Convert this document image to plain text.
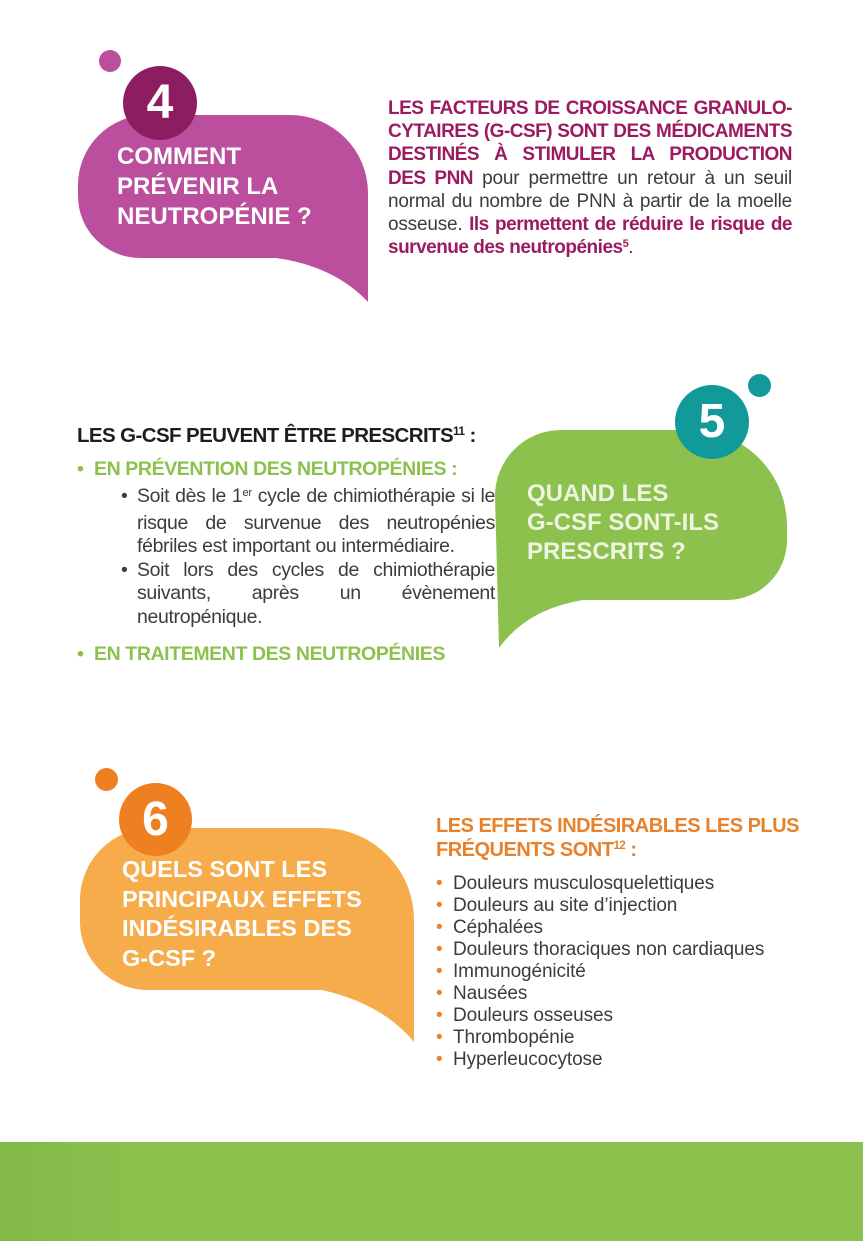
4
COMMENT
PRÉVENIR LA
NEUTROPÉNIE ?

LES FACTEURS DE CROISSANCE GRANULO-CYTAIRES (G-CSF) SONT DES MÉDICAMENTS DESTINÉS À STIMULER LA PRODUCTION DES PNN pour permettre un retour à un seuil normal du nombre de PNN à partir de la moelle osseuse. Ils permettent de réduire le risque de survenue des neutropénies$^5$.

5
QUAND LES
G-CSF SONT-ILS
PRESCRITS ?
LES G-CSF PEUVENT ÊTRE PRESCRITS$^{11}$ :
• EN PRÉVENTION DES NEUTROPÉNIES :
• Soit dès le 1er cycle de chimiothérapie si le risque de survenue des neutropénies fébriles est important ou intermédiaire.
• Soit lors des cycles de chimiothérapie suivants, après un évènement neutropénique.
• EN TRAITEMENT DES NEUTROPÉNIES
6
QUELS SONT LES
PRINCIPAUX EFFETS
INDÉSIRABLES DES
G-CSF ?
LES EFFETS INDÉSIRABLES LES PLUS FRÉQUENTS SONT$^{12}$ :
• Douleurs musculosquelettiques
• Douleurs au site d’injection
• Céphalées
• Douleurs thoraciques non cardiaques
• Immunogénicité
• Nausées
• Douleurs osseuses
• Thrombopénie
• Hyperleucocytose
